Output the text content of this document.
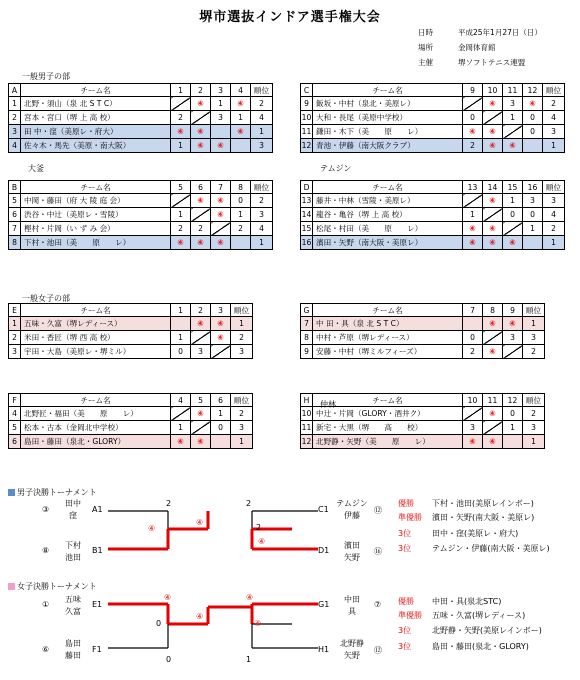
堺市選抜インドア選手権大会
日時	平成25年1月27日（日）
場所	金岡体育館
主催	堺ソフトテニス連盟
一般男子の部
大釜	テムジン
一般女子の部
仲林
A	チーム名	1	2	3	4	順位
1	北野・須山（泉 北 S T C）		④	1	④	2
2	宮本・宮口（堺 上 高 校）	2		3	1	4
3	田 中・窪（美原レ・府大）	④	④		④	1
4	佐々木・馬先（美原・南大阪）	1	④	④		3
B	チーム名	5	6	7	8	順位
5	中岡・藤田（府 大 陵 庭 会）		④	④	0	2
6	渋谷・中辻（美原レ・雪陵）	1		④	1	3
7	樫村・片岡（い ず み 会）	2	2		2	4
8	下村・池田（美　　原　　レ）	④	④	④		1
C	チーム名	9	10	11	12	順位
9	飯坂・中村（泉北・美原レ）		④	3	④	2
10	大和・長尾（美原中学校）	0		1	0	4
11	鎌田・木下（美　　原　　レ）	④	④		0	3
12	青池・伊藤（南大阪クラブ）	2	④	④		1
D	チーム名	13	14	15	16	順位
13	藤井・中林（雪陵・美原レ）		④	1	3	3
14	龍谷・亀谷（堺 上 高 校）	1		0	0	4
15	松尾・村田（美　　原　　レ）	④	④		1	2
16	濱田・矢野（南大阪・美原レ）	④	④	④		1
E	チーム名	1	2	3	順位
1	五味・久富（堺レディース）		④	④	1
2	米田・香匠（堺 西 高 校）	1		④	2
3	宇田・大島（美原レ・堺ミル）	0	3		3
F	チーム名	4	5	6	順位
4	北野匠・福田（美　　原　　レ）		④	1	2
5	松本・古本（金岡北中学校）	1		0	3
6	島田・藤田（泉北・GLORY）	④	④		1
G	チーム名	7	8	9	順位
7	中 田・具（泉 北 S T C）		④	④	1
8	中村・芦原（堺レディース）	0		3	3
9	安藤・中村（堺ミルフィーズ）	2	④		2
H	チーム名	10	11	12	順位
10	中辻・片岡（GLORY・酒井ク）		④	0	2
11	新宅・大黒（堺　　高　　校）	3		1	3
12	北野静・矢野（美　　原　　レ）	④	④		1
男子決勝トーナメント
③
田中
窪
A1
⑧
下村
池田
B1
C1
テムジン
伊藤
⑫
D1
濱田
矢野
⑯
2
④
2
④
④
2
優勝 下村・池田(美原レインボー)
準優勝 濱田・矢野(南大阪・美原レ)
3位	田中・窪(美原レ・府大)
3位	テムジン・伊藤(南大阪・美原レ)
女子決勝トーナメント
①
五味
久富
E1
⑥
島田
藤田
F1
G1
中田
具
⑦
H1
北野静
矢野
⑫
④
0
④
1
0
④
④
優勝 中田・具(泉北STC)
準優勝 五味・久富(堺レディース)
3位	北野静・矢野(美原レインボー)
3位	島田・藤田(泉北・GLORY)
